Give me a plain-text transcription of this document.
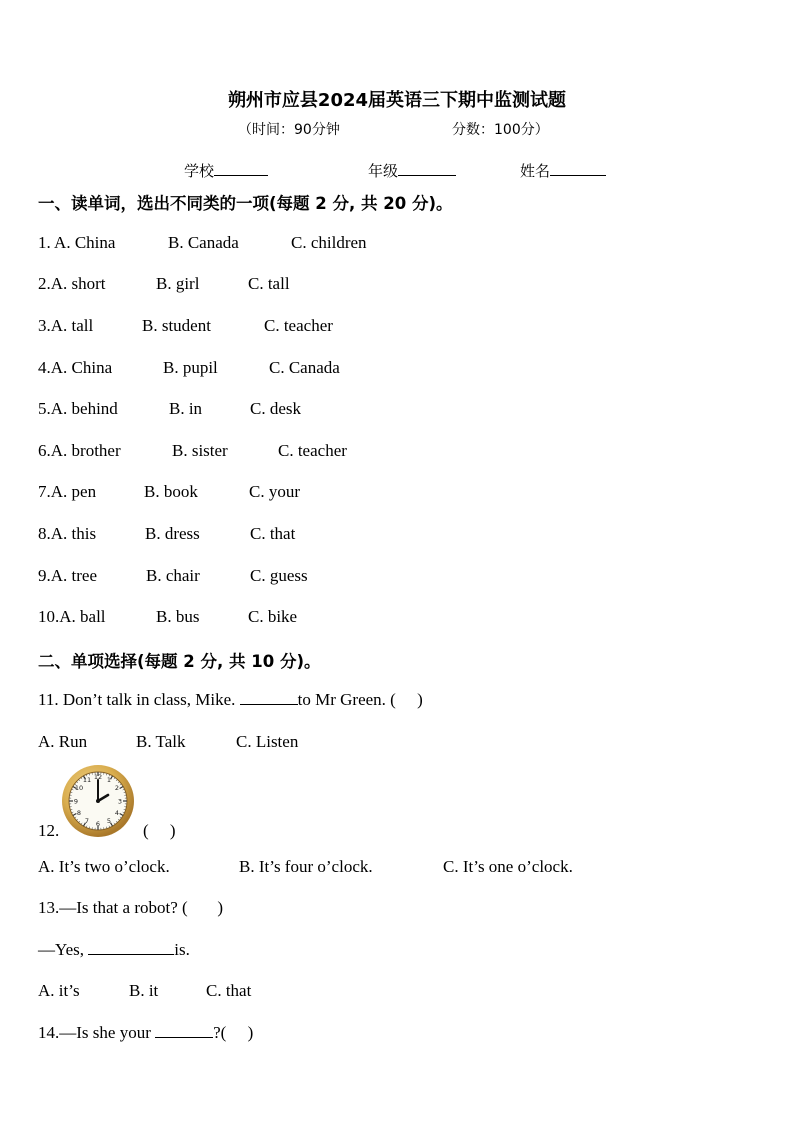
朔州市应县2024届英语三下期中监测试题
（时间：90分钟	分数：100分）
学校	年级	姓名
一、读单词，选出不同类的一项(每题 2 分, 共 20 分)。
1. A. China	B. Canada	C. children
2.A. short	B. girl	C. tall
3.A. tall	B. student	C. teacher
4.A. China	B. pupil	C. Canada
5.A. behind	B. in	C. desk
6.A. brother	B. sister	C. teacher
7.A. pen	B. book	C. your
8.A. this	B. dress	C. that
9.A. tree	B. chair	C. guess
10.A. ball	B. bus	C. bike
二、单项选择(每题 2 分, 共 10 分)。
11. Don’t talk in class, Mike.	to Mr Green. (     )
A. Run	B. Talk	C. Listen
12 1
2
3
4
5
6
7
8
9
10
11
12.	(     )
A. It’s two o’clock.	B. It’s four o’clock.	C. It’s one o’clock.
13.—Is that a robot? (       )
—Yes,	is.
A. it’s	B. it	C. that
14.—Is she your	?(     )
